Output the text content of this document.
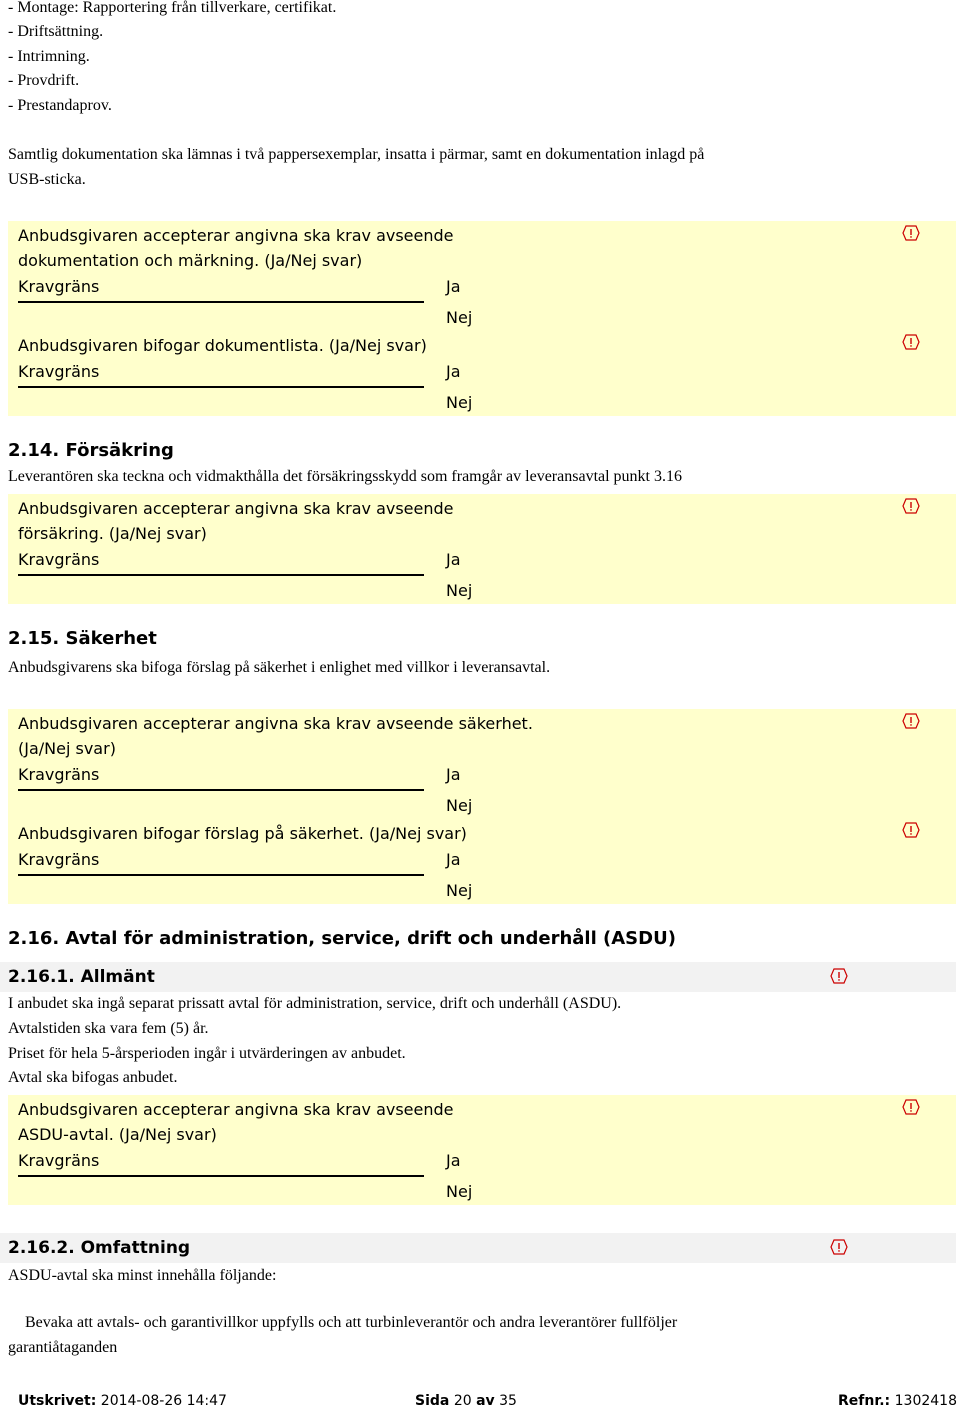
- Montage: Rapportering från tillverkare, certifikat.
- Driftsättning.
- Intrimning.
- Provdrift.
- Prestandaprov.
Samtlig dokumentation ska lämnas i två pappersexemplar, insatta i pärmar, samt en dokumentation inlagd på
USB-sticka.
Anbudsgivaren accepterar angivna ska krav avseende
dokumentation och märkning. (Ja/Nej svar)
Kravgräns	Ja
Nej
Anbudsgivaren bifogar dokumentlista. (Ja/Nej svar)
Kravgräns	Ja
Nej
2.14. Försäkring
Leverantören ska teckna och vidmakthålla det försäkringsskydd som framgår av leveransavtal punkt 3.16
Anbudsgivaren accepterar angivna ska krav avseende
försäkring. (Ja/Nej svar)
Kravgräns	Ja
Nej
2.15. Säkerhet
Anbudsgivarens ska bifoga förslag på säkerhet i enlighet med villkor i leveransavtal.
Anbudsgivaren accepterar angivna ska krav avseende säkerhet.
(Ja/Nej svar)
Kravgräns	Ja
Nej
Anbudsgivaren bifogar förslag på säkerhet. (Ja/Nej svar)
Kravgräns	Ja
Nej
2.16. Avtal för administration, service, drift och underhåll (ASDU)
2.16.1. Allmänt
I anbudet ska ingå separat prissatt avtal för administration, service, drift och underhåll (ASDU).
Avtalstiden ska vara fem (5) år.
Priset för hela 5-årsperioden ingår i utvärderingen av anbudet.
Avtal ska bifogas anbudet.
Anbudsgivaren accepterar angivna ska krav avseende
ASDU-avtal. (Ja/Nej svar)
Kravgräns	Ja
Nej
2.16.2. Omfattning
ASDU-avtal ska minst innehålla följande:
Bevaka att avtals- och garantivillkor uppfylls och att turbinleverantör och andra leverantörer fullföljer
garantiåtaganden
Utskrivet: 2014-08-26 14:47	Sida 20 av 35	Refnr.: 1302418
